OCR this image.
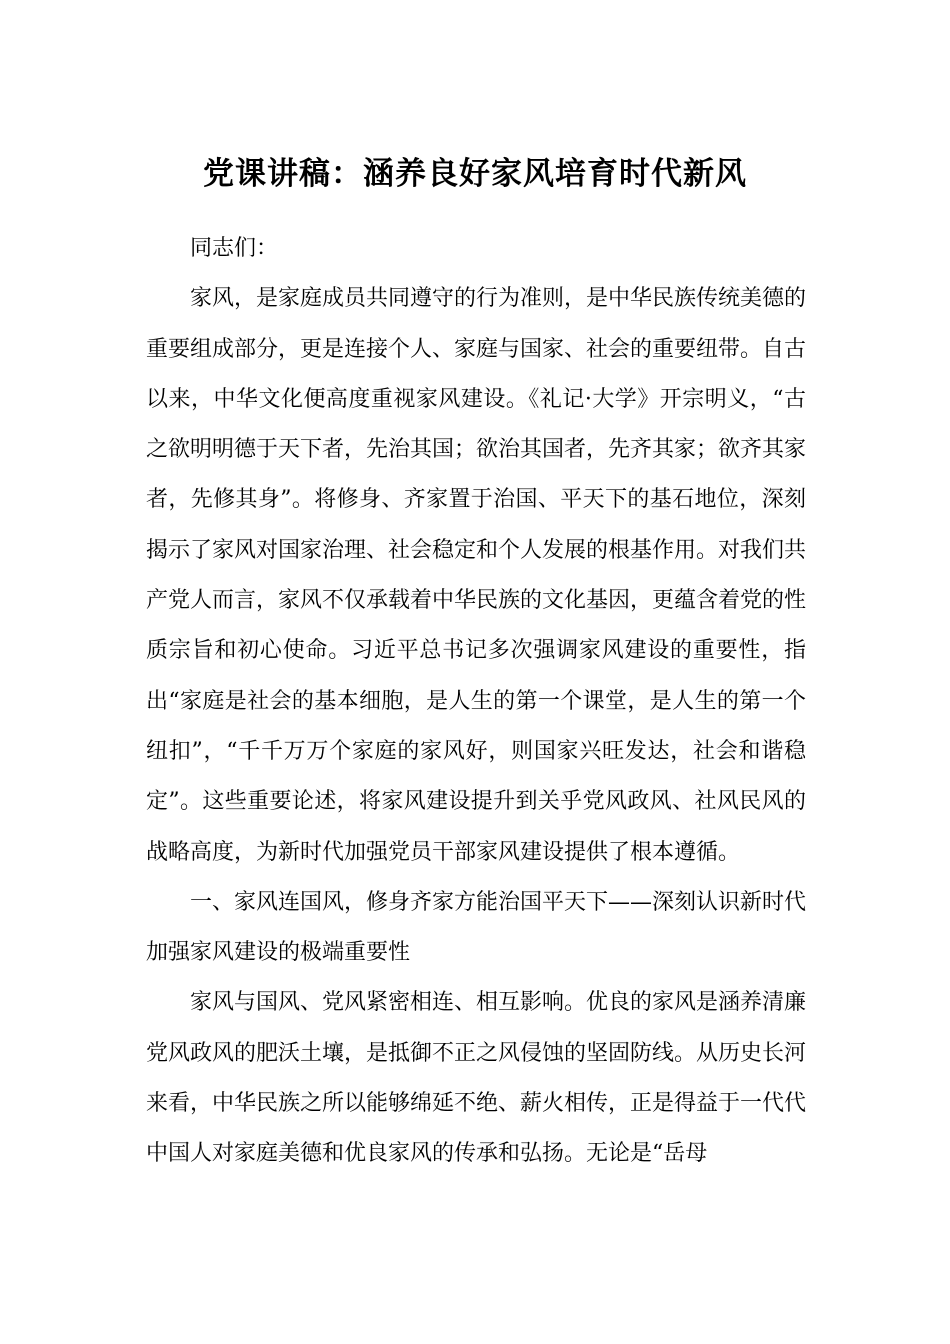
党课讲稿：涵养良好家风培育时代新风

同志们：

家风，是家庭成员共同遵守的行为准则，是中华民族传统美德的重要组成部分，更是连接个人、家庭与国家、社会的重要纽带。自古以来，中华文化便高度重视家风建设。《礼记·大学》开宗明义，“古之欲明明德于天下者，先治其国；欲治其国者，先齐其家；欲齐其家者，先修其身”。将修身、齐家置于治国、平天下的基石地位，深刻揭示了家风对国家治理、社会稳定和个人发展的根基作用。对我们共产党人而言，家风不仅承载着中华民族的文化基因，更蕴含着党的性质宗旨和初心使命。习近平总书记多次强调家风建设的重要性，指出“家庭是社会的基本细胞，是人生的第一个课堂，是人生的第一个纽扣”，“千千万万个家庭的家风好，则国家兴旺发达，社会和谐稳定”。这些重要论述，将家风建设提升到关乎党风政风、社风民风的战略高度，为新时代加强党员干部家风建设提供了根本遵循。

一、家风连国风，修身齐家方能治国平天下——深刻认识新时代加强家风建设的极端重要性

家风与国风、党风紧密相连、相互影响。优良的家风是涵养清廉党风政风的肥沃土壤，是抵御不正之风侵蚀的坚固防线。从历史长河来看，中华民族之所以能够绵延不绝、薪火相传，正是得益于一代代中国人对家庭美德和优良家风的传承和弘扬。无论是“岳母
